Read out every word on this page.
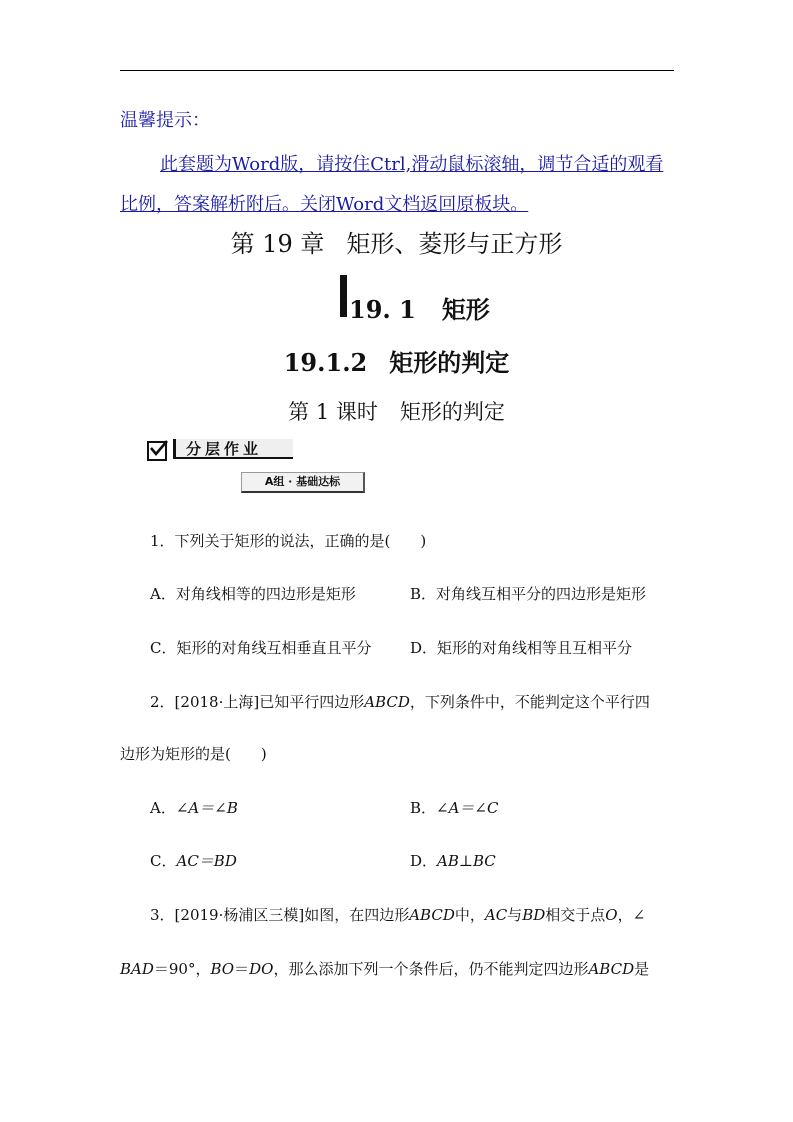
温馨提示：
此套题为Word版，请按住Ctrl,滑动鼠标滚轴，调节合适的观看比例，答案解析附后。关闭Word文档返回原板块。
第 19 章 矩形、菱形与正方形
19. 1 矩形
19.1.2 矩形的判定
第 1 课时 矩形的判定
分层作业
A组 · 基础达标
1．下列关于矩形的说法，正确的是(　　)
A．对角线相等的四边形是矩形	B．对角线互相平分的四边形是矩形
C．矩形的对角线互相垂直且平分	D．矩形的对角线相等且互相平分
2．[2018·上海]已知平行四边形ABCD，下列条件中，不能判定这个平行四
边形为矩形的是(　　)
A．∠A＝∠B	B．∠A＝∠C
C．AC＝BD	D．AB⊥BC
3．[2019·杨浦区三模]如图，在四边形ABCD中，AC与BD相交于点O，∠
BAD＝90°，BO＝DO，那么添加下列一个条件后，仍不能判定四边形ABCD是
